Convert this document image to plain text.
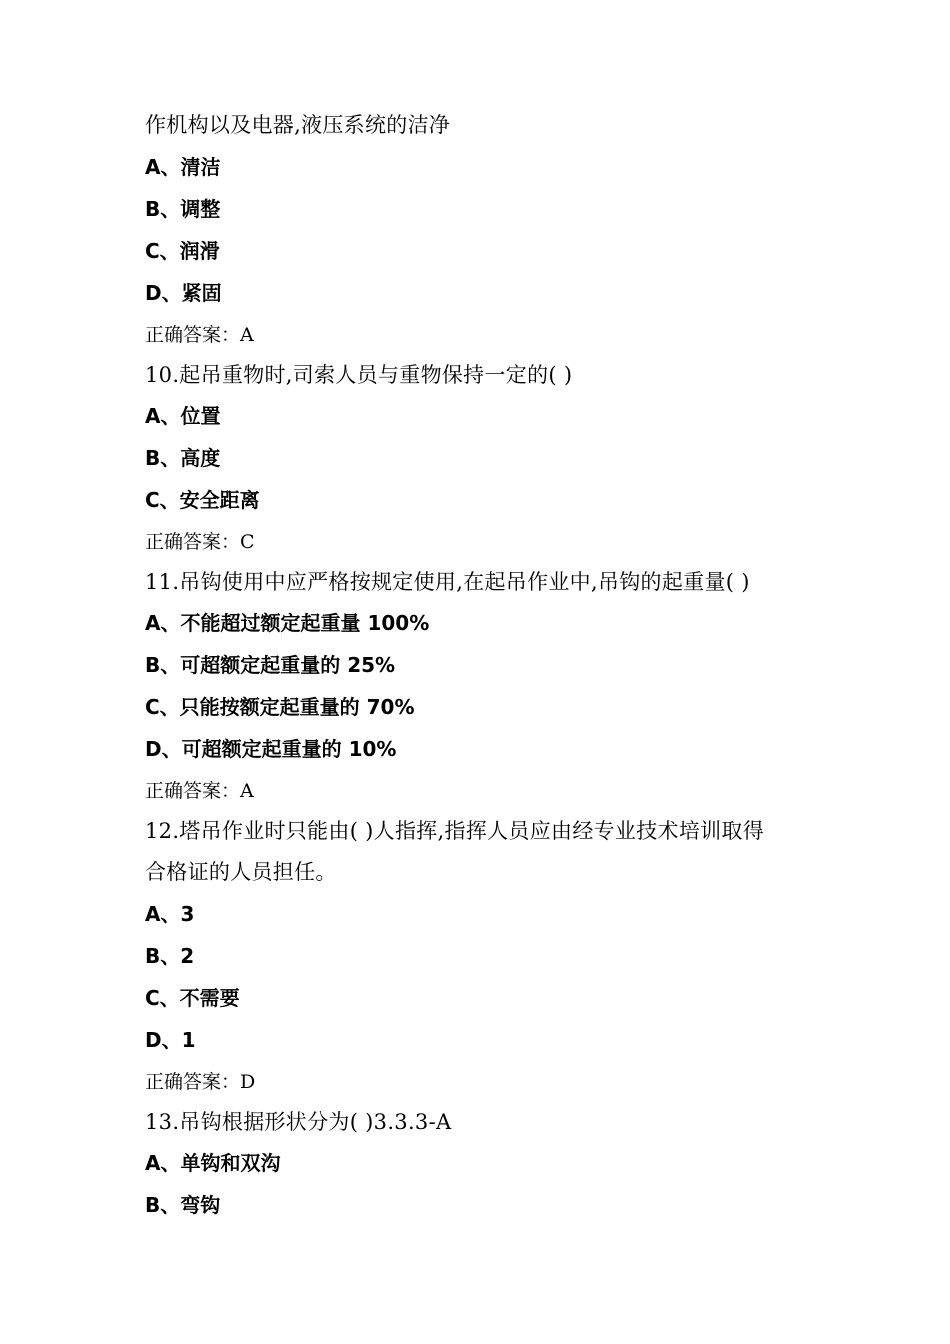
作机构以及电器,液压系统的洁净
A、清洁
B、调整
C、润滑
D、紧固
正确答案：A
10.起吊重物时,司索人员与重物保持一定的( )
A、位置
B、高度
C、安全距离
正确答案：C
11.吊钩使用中应严格按规定使用,在起吊作业中,吊钩的起重量( )
A、不能超过额定起重量 100%
B、可超额定起重量的 25%
C、只能按额定起重量的 70%
D、可超额定起重量的 10%
正确答案：A
12.塔吊作业时只能由( )人指挥,指挥人员应由经专业技术培训取得
合格证的人员担任。
A、3
B、2
C、不需要
D、1
正确答案：D
13.吊钩根据形状分为( )3.3.3-A
A、单钩和双沟
B、弯钩
